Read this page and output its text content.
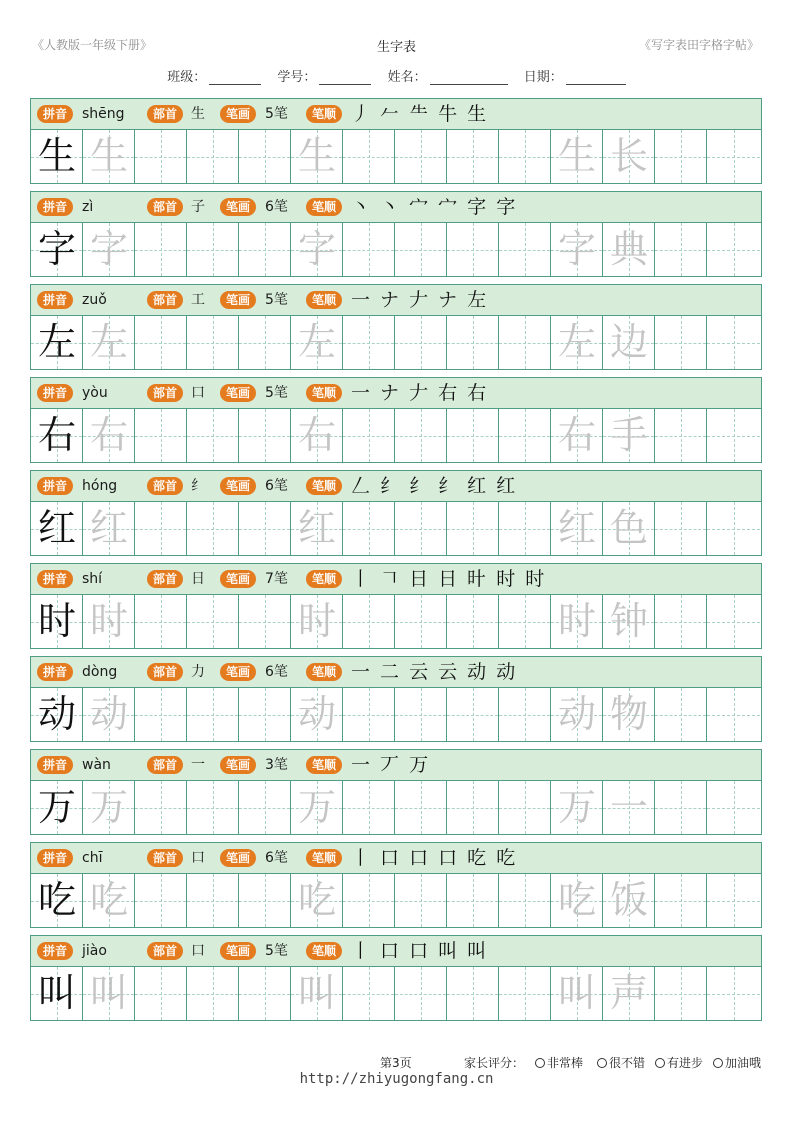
《人教版一年级下册》	生字表	《写字表田字格字帖》
班级：	学号：	姓名：	日期：
拼音	shēng	部首 生	笔画	5笔	笔顺 丿 𠂉 ⺧ 牛 生
生 生	生	生 长
拼音	zì	部首 子	笔画	6笔	笔顺 丶 丶 宀 宀 字 字
字 字	字	字 典
拼音	zuǒ	部首 工	笔画	5笔	笔顺 一 ナ 𠂇 ナ 左
左 左	左	左 边
拼音	yòu	部首 口	笔画	5笔	笔顺 一 ナ 𠂇 右 右
右 右	右	右 手
拼音	hóng	部首 纟	笔画	6笔	笔顺 𠃋 纟 纟 纟 红 红
红 红	红	红 色
拼音	shí	部首 日	笔画	7笔	笔顺 丨 𠃍 日 日 旪 时 时
时 时	时	时 钟
拼音	dòng	部首 力	笔画	6笔	笔顺 一 二 云 云 动 动
动 动	动	动 物
拼音	wàn	部首 一	笔画	3笔	笔顺 一 丆 万
万 万	万	万 一
拼音	chī	部首 口	笔画	6笔	笔顺 丨 口 口 口 吃 吃
吃 吃	吃	吃 饭
拼音	jiào	部首 口	笔画	5笔	笔顺 丨 口 口 叫 叫
叫 叫	叫	叫 声
第3页	家长评分：	非常棒	很不错	有进步	加油哦
http://zhiyugongfang.cn
